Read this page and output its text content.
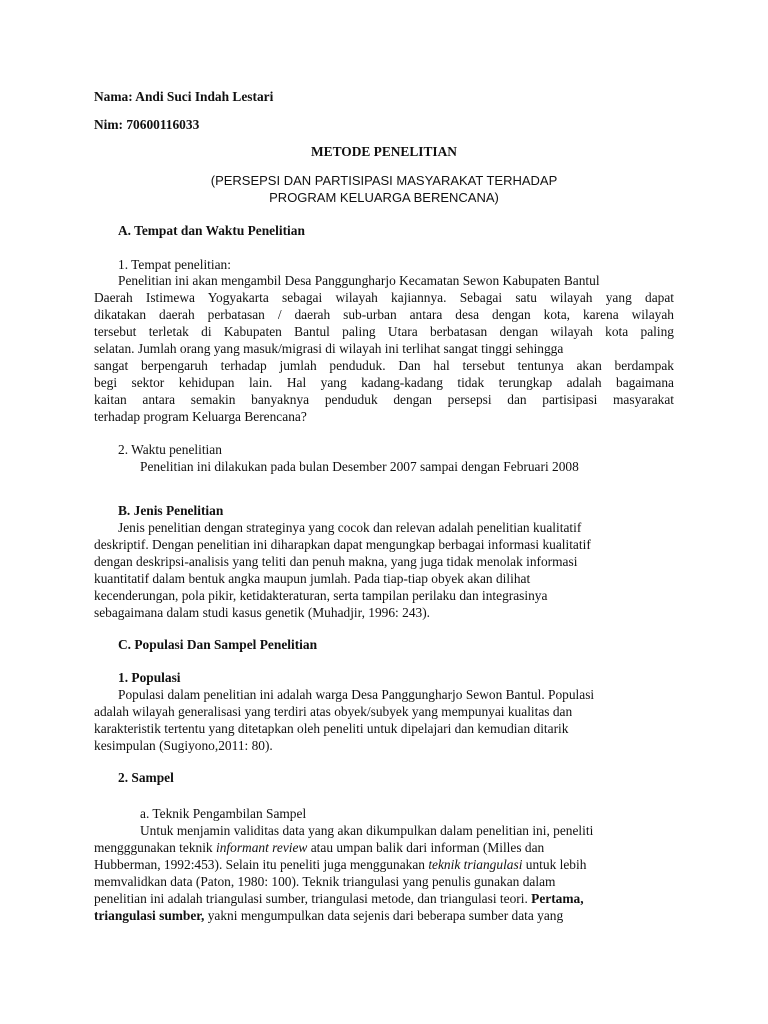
Nama: Andi Suci Indah Lestari
Nim: 70600116033
METODE PENELITIAN
(PERSEPSI DAN PARTISIPASI MASYARAKAT TERHADAP
PROGRAM KELUARGA BERENCANA)
A. Tempat dan Waktu Penelitian
1. Tempat penelitian:
Penelitian ini akan mengambil Desa Panggungharjo Kecamatan Sewon Kabupaten Bantul
Daerah Istimewa Yogyakarta sebagai wilayah kajiannya. Sebagai satu wilayah yang dapat
dikatakan daerah perbatasan / daerah sub-urban antara desa dengan kota, karena wilayah
tersebut terletak di Kabupaten Bantul paling Utara berbatasan dengan wilayah kota paling
selatan. Jumlah orang yang masuk/migrasi di wilayah ini terlihat sangat tinggi sehingga
sangat berpengaruh terhadap jumlah penduduk. Dan hal tersebut tentunya akan berdampak
begi sektor kehidupan lain. Hal yang kadang-kadang tidak terungkap adalah bagaimana
kaitan antara semakin banyaknya penduduk dengan persepsi dan partisipasi masyarakat
terhadap program Keluarga Berencana?
2. Waktu penelitian
Penelitian ini dilakukan pada bulan Desember 2007 sampai dengan Februari 2008
B. Jenis Penelitian
Jenis penelitian dengan strateginya yang cocok dan relevan adalah penelitian kualitatif
deskriptif. Dengan penelitian ini diharapkan dapat mengungkap berbagai informasi kualitatif
dengan deskripsi-analisis yang teliti dan penuh makna, yang juga tidak menolak informasi
kuantitatif dalam bentuk angka maupun jumlah. Pada tiap-tiap obyek akan dilihat
kecenderungan, pola pikir, ketidakteraturan, serta tampilan perilaku dan integrasinya
sebagaimana dalam studi kasus genetik (Muhadjir, 1996: 243).
C. Populasi Dan Sampel Penelitian
1. Populasi
Populasi dalam penelitian ini adalah warga Desa Panggungharjo Sewon Bantul. Populasi
adalah wilayah generalisasi yang terdiri atas obyek/subyek yang mempunyai kualitas dan
karakteristik tertentu yang ditetapkan oleh peneliti untuk dipelajari dan kemudian ditarik
kesimpulan (Sugiyono,2011: 80).
2. Sampel
a. Teknik Pengambilan Sampel
Untuk menjamin validitas data yang akan dikumpulkan dalam penelitian ini, peneliti
mengggunakan teknik informant review atau umpan balik dari informan (Milles dan
Hubberman, 1992:453). Selain itu peneliti juga menggunakan teknik triangulasi untuk lebih
memvalidkan data (Paton, 1980: 100). Teknik triangulasi yang penulis gunakan dalam
penelitian ini adalah triangulasi sumber, triangulasi metode, dan triangulasi teori. Pertama,
triangulasi sumber, yakni mengumpulkan data sejenis dari beberapa sumber data yang
